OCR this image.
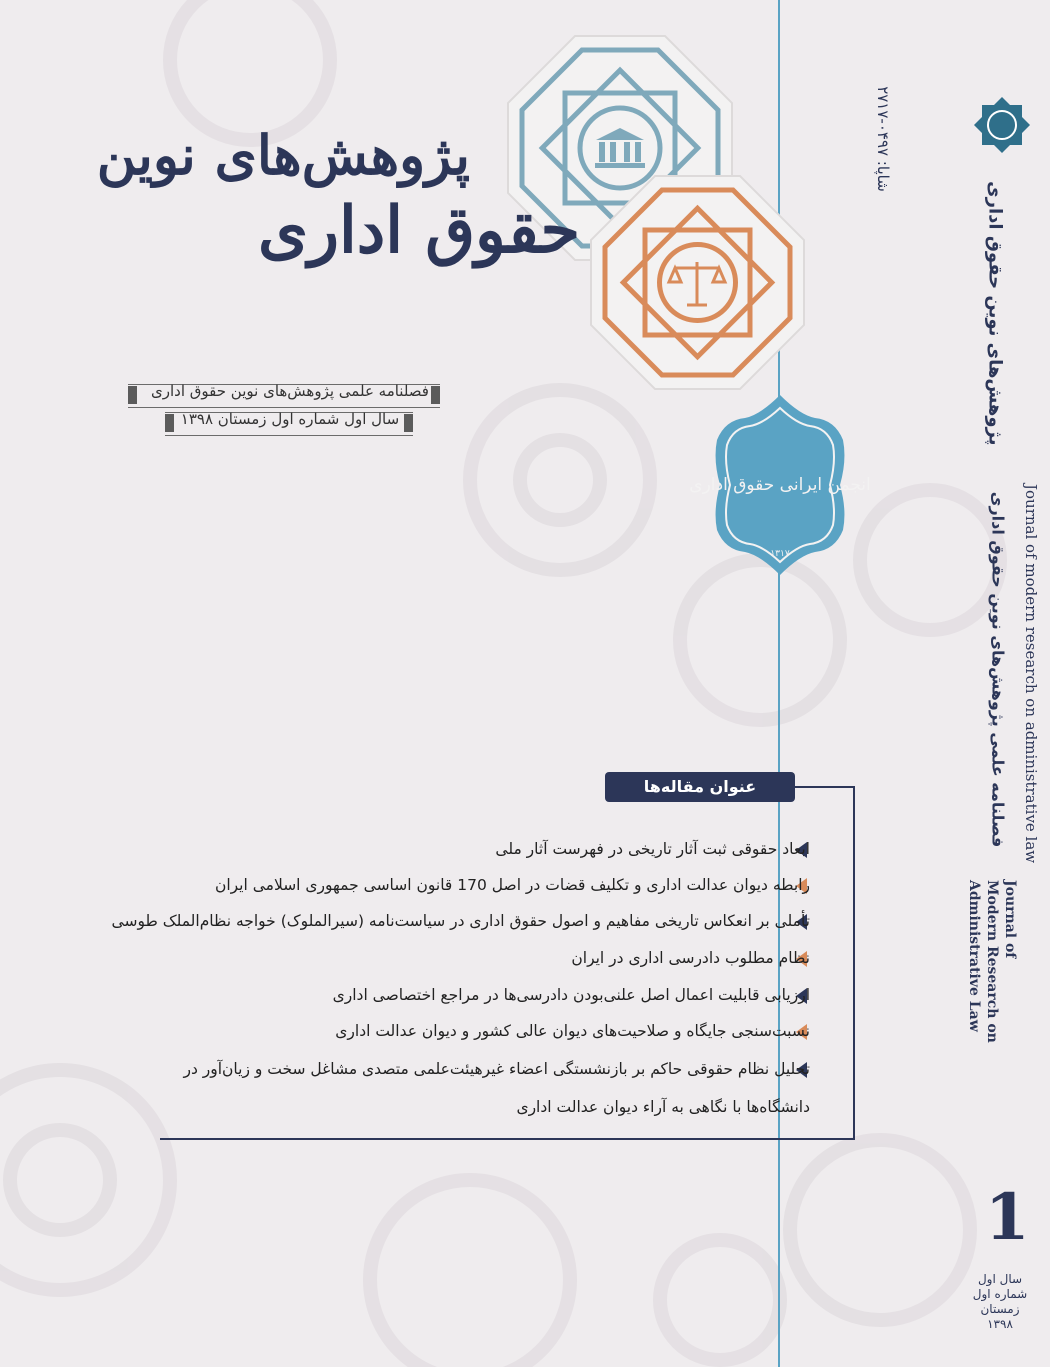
انجمن ایرانی حقوق اداری
۱۳۱۷
پژوهش‌های نوین
حقوق اداری
فصلنامه علمی پژوهش‌های نوین حقوق اداری
سال اول شماره اول زمستان ۱۳۹۸
شاپا: ۰۴۹۷-۲۷۱۷
پژوهش‌های نوین حقوق اداری
فصلنامه علمی پژوهش‌های نوین حقوق اداری Journal of modern research on administrative law
Journal of
Modern Research on
Administrative Law
1
سال اول
شماره اول
زمستان ۱۳۹۸
عنوان مقاله‌ها
ابعاد حقوقی ثبت آثار تاریخی در فهرست آثار ملی
رابطه دیوان عدالت اداری و تکلیف قضات در اصل 170 قانون اساسی جمهوری اسلامی ایران
تأملی بر انعکاس تاریخی مفاهیم و اصول حقوق اداری در سیاست‌نامه (سیرالملوک) خواجه نظام‌الملک طوسی
نظام مطلوب دادرسی اداری در ایران
ارزیابی قابلیت اعمال اصل علنی‌بودن دادرسی‌ها در مراجع اختصاصی اداری
نسبت‌سنجی جایگاه و صلاحیت‌های دیوان عالی کشور و دیوان عدالت اداری
تحلیل نظام حقوقی حاکم بر بازنشستگی اعضاء غیرهیئت‌علمی متصدی مشاغل سخت و زیان‌آور در
دانشگاه‌ها با نگاهی به آراء دیوان عدالت اداری
